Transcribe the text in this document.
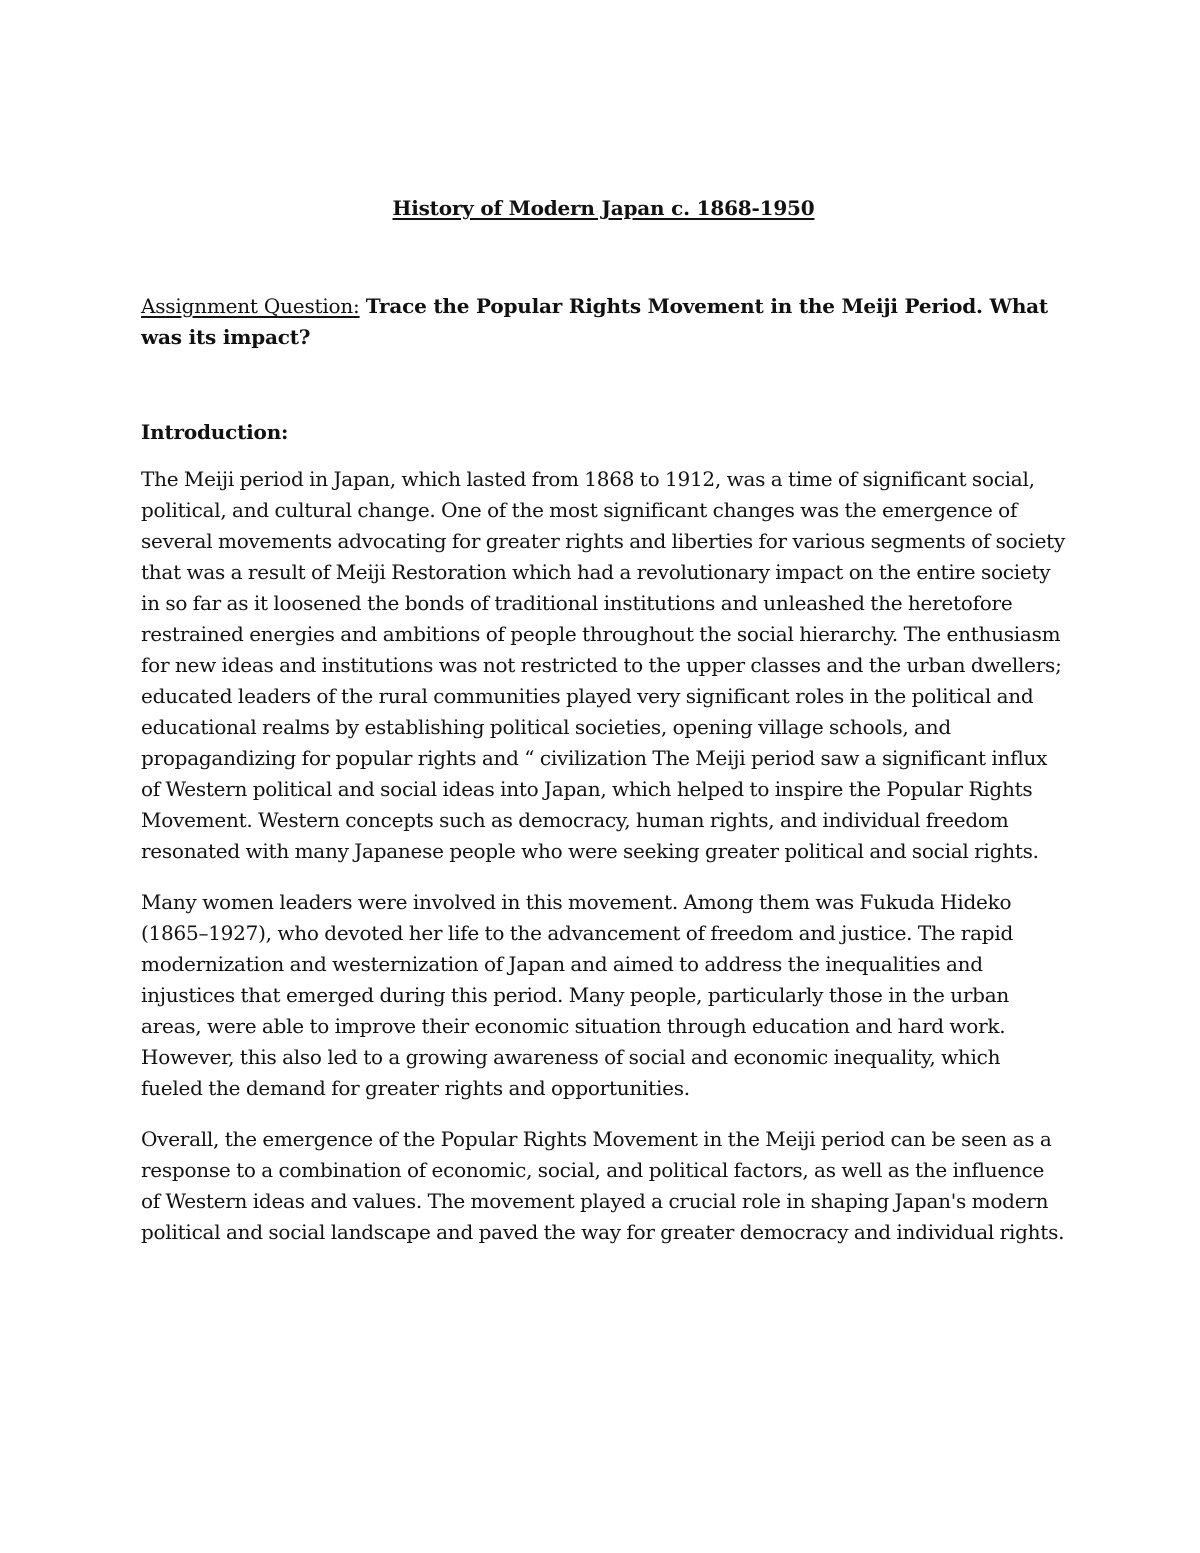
History of Modern Japan c. 1868-1950

Assignment Question: Trace the Popular Rights Movement in the Meiji Period. What was its impact?

Introduction:

The Meiji period in Japan, which lasted from 1868 to 1912, was a time of significant social, political, and cultural change. One of the most significant changes was the emergence of several movements advocating for greater rights and liberties for various segments of society that was a result of Meiji Restoration which had a revolutionary impact on the entire society in so far as it loosened the bonds of traditional institutions and unleashed the heretofore restrained energies and ambitions of people throughout the social hierarchy. The enthusiasm for new ideas and institutions was not restricted to the upper classes and the urban dwellers; educated leaders of the rural communities played very significant roles in the political and educational realms by establishing political societies, opening village schools, and propagandizing for popular rights and “ civilization The Meiji period saw a significant influx of Western political and social ideas into Japan, which helped to inspire the Popular Rights Movement. Western concepts such as democracy, human rights, and individual freedom resonated with many Japanese people who were seeking greater political and social rights.

Many women leaders were involved in this movement. Among them was Fukuda Hideko (1865–1927), who devoted her life to the advancement of freedom and justice. The rapid modernization and westernization of Japan and aimed to address the inequalities and injustices that emerged during this period. Many people, particularly those in the urban areas, were able to improve their economic situation through education and hard work. However, this also led to a growing awareness of social and economic inequality, which fueled the demand for greater rights and opportunities.

Overall, the emergence of the Popular Rights Movement in the Meiji period can be seen as a response to a combination of economic, social, and political factors, as well as the influence of Western ideas and values. The movement played a crucial role in shaping Japan's modern political and social landscape and paved the way for greater democracy and individual rights.
